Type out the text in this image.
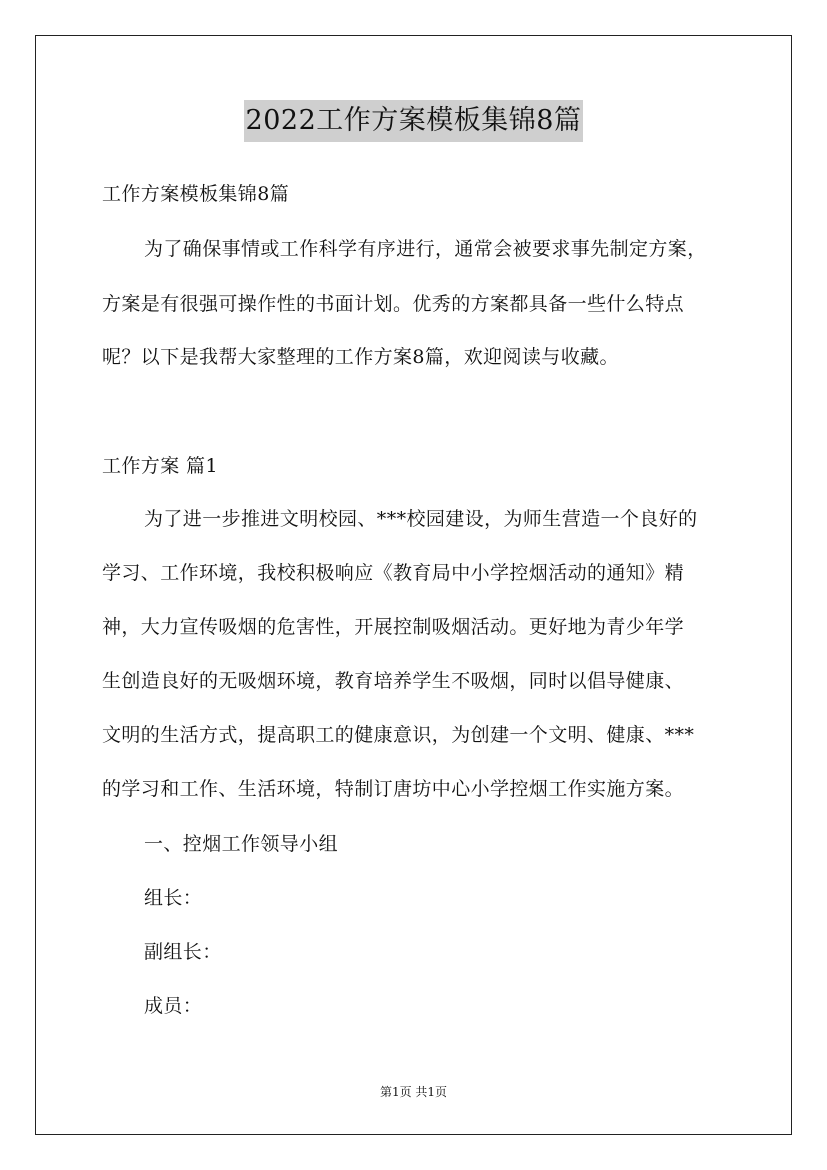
2022工作方案模板集锦8篇
工作方案模板集锦8篇
为了确保事情或工作科学有序进行，通常会被要求事先制定方案，
方案是有很强可操作性的书面计划。优秀的方案都具备一些什么特点
呢？以下是我帮大家整理的工作方案8篇，欢迎阅读与收藏。
工作方案 篇1
为了进一步推进文明校园、***校园建设，为师生营造一个良好的
学习、工作环境，我校积极响应《教育局中小学控烟活动的通知》精
神，大力宣传吸烟的危害性，开展控制吸烟活动。更好地为青少年学
生创造良好的无吸烟环境，教育培养学生不吸烟，同时以倡导健康、
文明的生活方式，提高职工的健康意识，为创建一个文明、健康、***
的学习和工作、生活环境，特制订唐坊中心小学控烟工作实施方案。
一、控烟工作领导小组
组长：
副组长：
成员：
第1页 共1页
